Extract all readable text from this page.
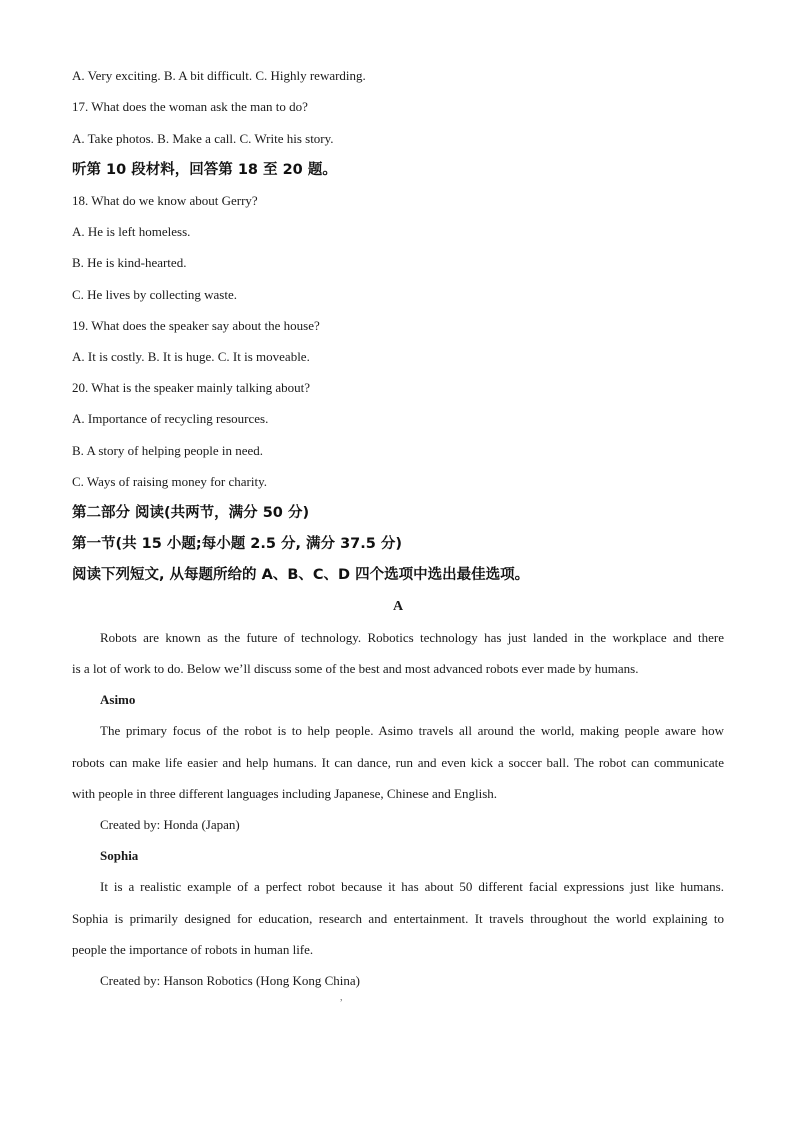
A. Very exciting. B. A bit difficult. C. Highly rewarding.
17. What does the woman ask the man to do?
A. Take photos. B. Make a call. C. Write his story.
听第 10 段材料，回答第 18 至 20 题。
18. What do we know about Gerry?
A. He is left homeless.
B. He is kind-hearted.
C. He lives by collecting waste.
19. What does the speaker say about the house?
A. It is costly. B. It is huge. C. It is moveable.
20. What is the speaker mainly talking about?
A. Importance of recycling resources.
B. A story of helping people in need.
C. Ways of raising money for charity.
第二部分 阅读(共两节，满分 50 分)
第一节(共 15 小题;每小题 2.5 分, 满分 37.5 分)
阅读下列短文, 从每题所给的 A、B、C、D 四个选项中选出最佳选项。
A
Robots are known as the future of technology. Robotics technology has just landed in the workplace and there
is a lot of work to do. Below we’ll discuss some of the best and most advanced robots ever made by humans.
Asimo
The primary focus of the robot is to help people. Asimo travels all around the world, making people aware how
robots can make life easier and help humans. It can dance, run and even kick a soccer ball. The robot can communicate
with people in three different languages including Japanese, Chinese and English.
Created by: Honda (Japan)
Sophia
It is a realistic example of a perfect robot because it has about 50 different facial expressions just like humans.
Sophia is primarily designed for education, research and entertainment. It travels throughout the world explaining to
people the importance of robots in human life.
Created by: Hanson Robotics (Hong Kong China)
,
